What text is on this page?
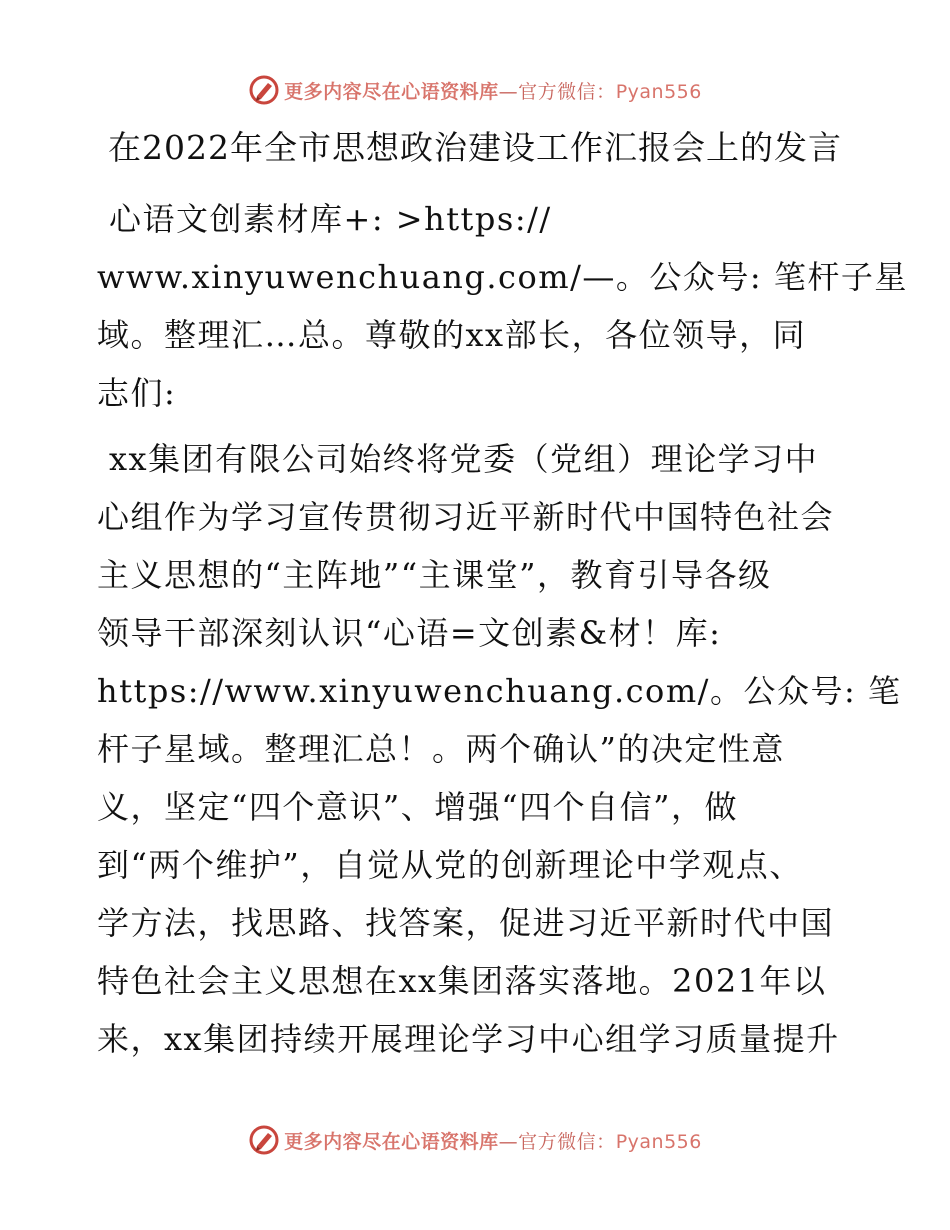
更多内容尽在心语资料库—官方微信：Pyan556
在2022年全市思想政治建设工作汇报会上的发言
心语文创素材库+: >https://
www.xinyuwenchuang.com/—。公众号: 笔杆子星
域。整理汇…总。尊敬的xx部长，各位领导，同
志们:
xx集团有限公司始终将党委（党组）理论学习中
心组作为学习宣传贯彻习近平新时代中国特色社会
主义思想的“主阵地”“主课堂”，教育引导各级
领导干部深刻认识“心语=文创素&材！库:
https://www.xinyuwenchuang.com/。公众号: 笔
杆子星域。整理汇总！。两个确认”的决定性意
义，坚定“四个意识”、增强“四个自信”，做
到“两个维护”，自觉从党的创新理论中学观点、
学方法，找思路、找答案，促进习近平新时代中国
特色社会主义思想在xx集团落实落地。2021年以
来，xx集团持续开展理论学习中心组学习质量提升
更多内容尽在心语资料库—官方微信：Pyan556
